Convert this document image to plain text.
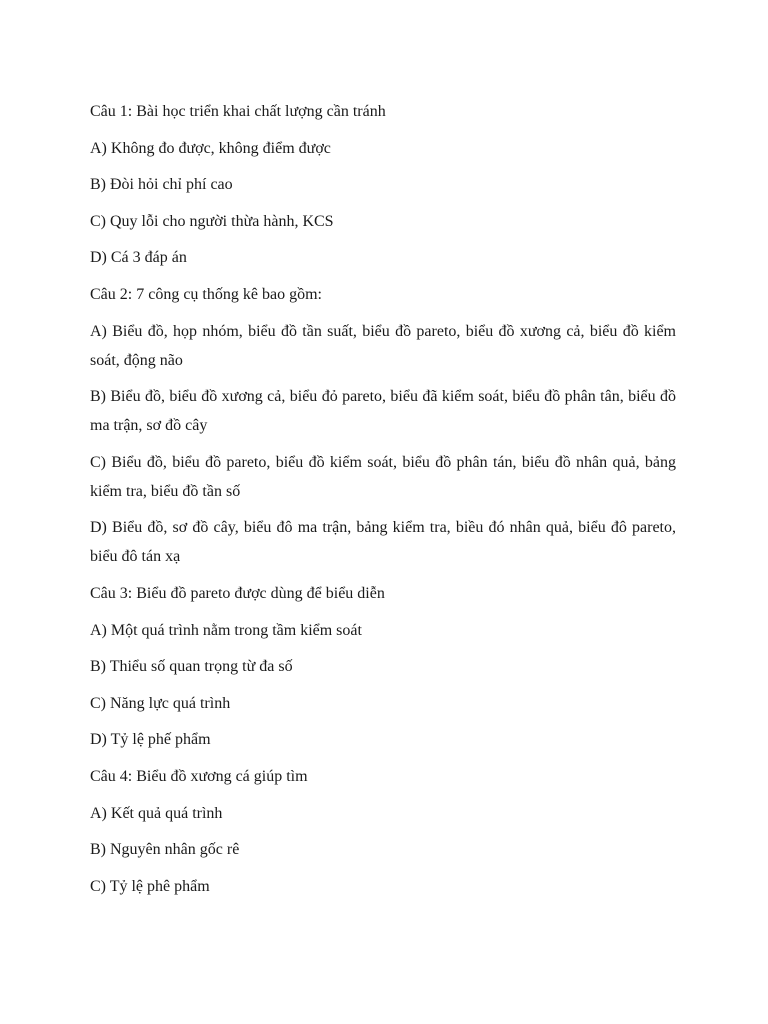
Câu 1: Bài học triển khai chất lượng cần tránh

A) Không đo được, không điểm được

B) Đòi hỏi chỉ phí cao

C) Quy lỗi cho người thừa hành, KCS

D) Cá 3 đáp án

Câu 2: 7 công cụ thống kê bao gồm:

A) Biểu đồ, họp nhóm, biểu đồ tần suất, biểu đồ pareto, biểu đồ xương cả, biểu đồ kiểm soát, động não

B) Biểu đồ, biểu đồ xương cả, biểu đỏ pareto, biểu đã kiểm soát, biểu đồ phân tân, biểu đồ ma trận, sơ đồ cây

C) Biểu đồ, biểu đồ pareto, biểu đồ kiểm soát, biểu đồ phân tán, biểu đồ nhân quả, bảng kiểm tra, biểu đồ tần số

D) Biểu đồ, sơ đồ cây, biểu đô ma trận, bảng kiểm tra, biều đó nhân quả, biểu đô pareto, biểu đô tán xạ

Câu 3: Biểu đồ pareto được dùng để biểu diễn

A) Một quá trình nằm trong tầm kiểm soát

B) Thiểu số quan trọng từ đa số

C) Năng lực quá trình

D) Tỷ lệ phế phẩm

Câu 4: Biểu đồ xương cá giúp tìm

A) Kết quả quá trình

B) Nguyên nhân gốc rê

C) Tỷ lệ phê phẩm
